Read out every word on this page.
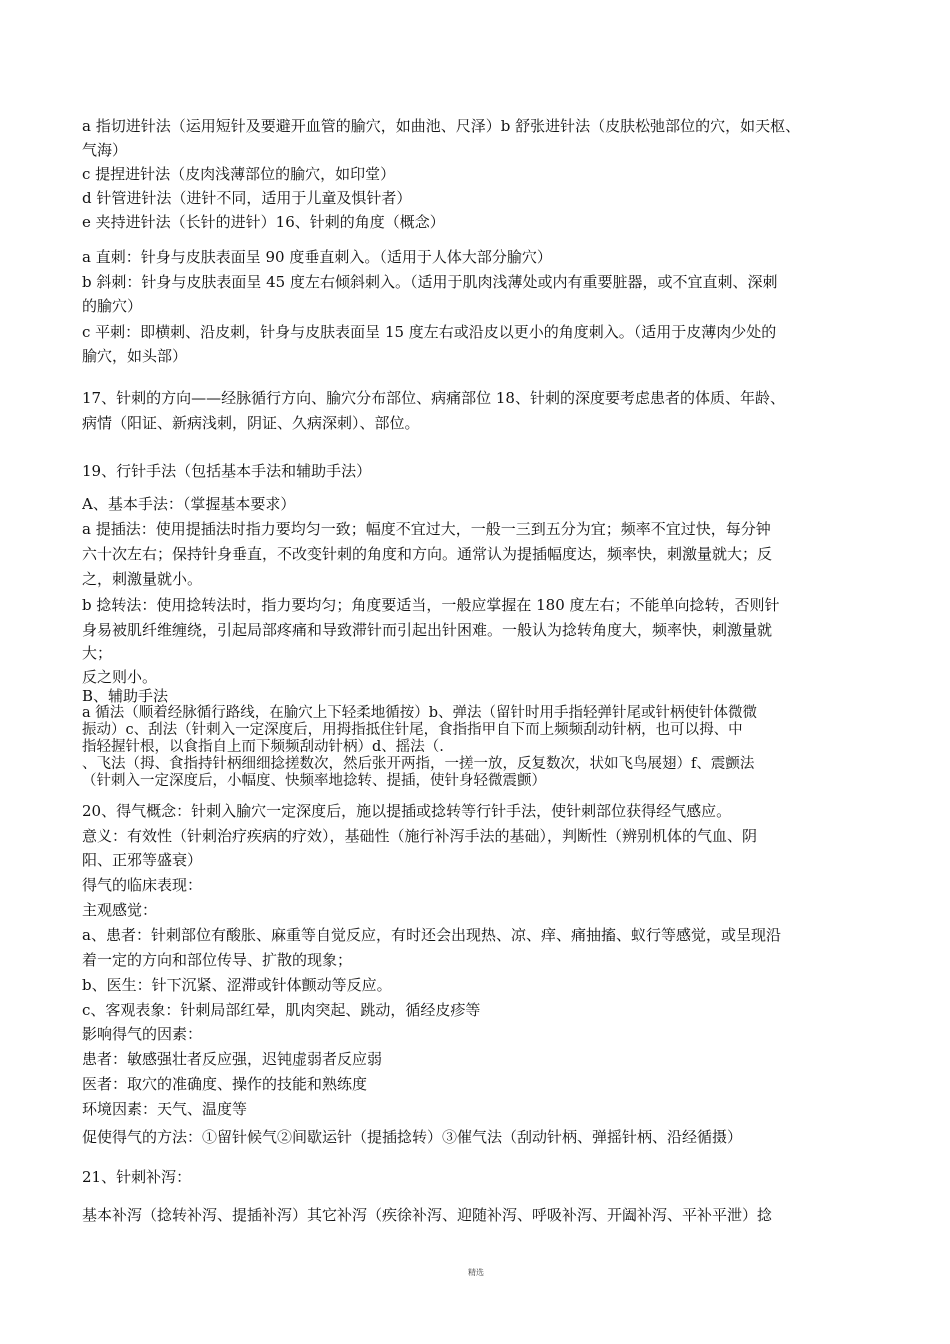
a 指切进针法（运用短针及要避开血管的腧穴，如曲池、尺泽）b 舒张进针法（皮肤松弛部位的穴，如天枢、
气海）
c 提捏进针法（皮肉浅薄部位的腧穴，如印堂）
d 针管进针法（进针不同，适用于儿童及惧针者）
e 夹持进针法（长针的进针）16、针刺的角度（概念）
a 直刺：针身与皮肤表面呈 90 度垂直刺入。（适用于人体大部分腧穴）
b 斜刺：针身与皮肤表面呈 45 度左右倾斜刺入。（适用于肌肉浅薄处或内有重要脏器，或不宜直刺、深刺
的腧穴）
c 平刺：即横刺、沿皮刺，针身与皮肤表面呈 15 度左右或沿皮以更小的角度刺入。（适用于皮薄肉少处的
腧穴，如头部）
17、针刺的方向——经脉循行方向、腧穴分布部位、病痛部位 18、针刺的深度要考虑患者的体质、年龄、
病情（阳证、新病浅刺，阴证、久病深刺）、部位。
19、行针手法（包括基本手法和辅助手法）
A、基本手法：（掌握基本要求）
a 提插法：使用提插法时指力要均匀一致；幅度不宜过大，一般一三到五分为宜；频率不宜过快，每分钟
六十次左右；保持针身垂直，不改变针刺的角度和方向。通常认为提插幅度达，频率快，刺激量就大；反
之，刺激量就小。
b 捻转法：使用捻转法时，指力要均匀；角度要适当，一般应掌握在 180 度左右；不能单向捻转，否则针
身易被肌纤维缠绕，引起局部疼痛和导致滞针而引起出针困难。一般认为捻转角度大，频率快，刺激量就
大；
反之则小。
B、辅助手法
a 循法（顺着经脉循行路线，在腧穴上下轻柔地循按）b、弹法（留针时用手指轻弹针尾或针柄使针体微微
振动）c、刮法（针刺入一定深度后，用拇指抵住针尾，食指指甲自下而上频频刮动针柄，也可以拇、中
指轻握针根，以食指自上而下频频刮动针柄）d、摇法（.
、飞法（拇、食指持针柄细细捻搓数次，然后张开两指，一搓一放，反复数次，状如飞鸟展翅）f、震颤法
（针刺入一定深度后，小幅度、快频率地捻转、提插，使针身轻微震颤）
20、得气概念：针刺入腧穴一定深度后，施以提插或捻转等行针手法，使针刺部位获得经气感应。
意义：有效性（针刺治疗疾病的疗效），基础性（施行补泻手法的基础），判断性（辨别机体的气血、阴
阳、正邪等盛衰）
得气的临床表现：
主观感觉：
a、患者：针刺部位有酸胀、麻重等自觉反应，有时还会出现热、凉、痒、痛抽搐、蚁行等感觉，或呈现沿
着一定的方向和部位传导、扩散的现象；
b、医生：针下沉紧、涩滞或针体颤动等反应。
c、客观表象：针刺局部红晕，肌肉突起、跳动，循经皮疹等
影响得气的因素：
患者：敏感强壮者反应强，迟钝虚弱者反应弱
医者：取穴的准确度、操作的技能和熟练度
环境因素：天气、温度等
促使得气的方法：①留针候气②间歇运针（提插捻转）③催气法（刮动针柄、弹摇针柄、沿经循摄）
21、针刺补泻：
基本补泻（捻转补泻、提插补泻）其它补泻（疾徐补泻、迎随补泻、呼吸补泻、开阖补泻、平补平泄）捻
精选
